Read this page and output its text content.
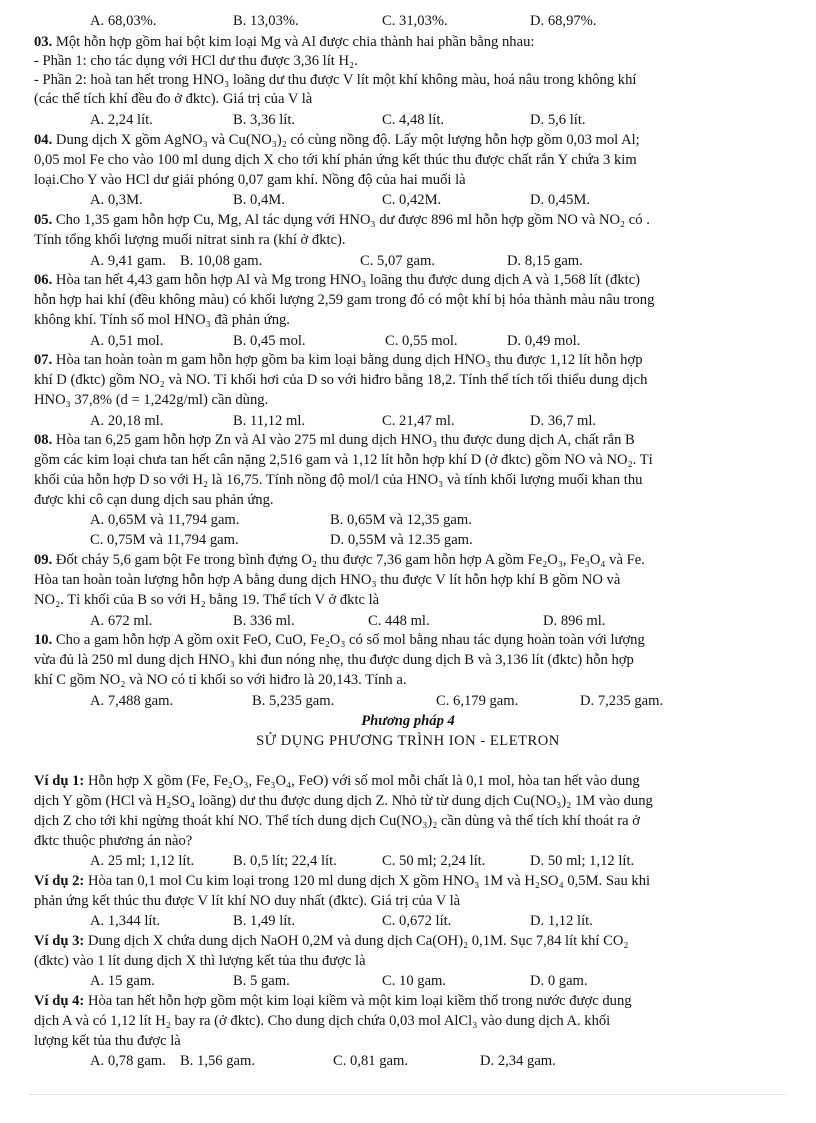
A. 68,03%.	B. 13,03%.	C. 31,03%.	D. 68,97%.
03. Một hỗn hợp gồm hai bột kim loại Mg và Al được chia thành hai phần bằng nhau:
- Phần 1: cho tác dụng với HCl dư thu được 3,36 lít H₂.
- Phần 2: hoà tan hết trong HNO₃ loãng dư thu được V lít một khí không màu, hoá nâu trong không khí
(các thể tích khí đều đo ở đktc). Giá trị của V là
A. 2,24 lít.	B. 3,36 lít.	C. 4,48 lít.	D. 5,6 lít.
04. Dung dịch X gồm AgNO₃ và Cu(NO₃)₂ có cùng nồng độ. Lấy một lượng hỗn hợp gồm 0,03 mol Al;
0,05 mol Fe cho vào 100 ml dung dịch X cho tới khí phản ứng kết thúc thu được chất rắn Y chứa 3 kim
loại.Cho Y vào HCl dư giải phóng 0,07 gam khí. Nồng độ của hai muối là
A. 0,3M.	B. 0,4M.	C. 0,42M.	D. 0,45M.
05. Cho 1,35 gam hỗn hợp Cu, Mg, Al tác dụng với HNO₃ dư được 896 ml hỗn hợp gồm NO và NO₂ có .
Tính tổng khối lượng muối nitrat sinh ra (khí ở đktc).
A. 9,41 gam. B. 10,08 gam.	C. 5,07 gam.	D. 8,15 gam.
06. Hòa tan hết 4,43 gam hỗn hợp Al và Mg trong HNO₃ loãng thu được dung dịch A và 1,568 lít (đktc)
hỗn hợp hai khí (đều không màu) có khối lượng 2,59 gam trong đó có một khí bị hóa thành màu nâu trong
không khí. Tính số mol HNO₃ đã phản ứng.
A. 0,51 mol.	B. 0,45 mol.	C. 0,55 mol.	D. 0,49 mol.
07. Hòa tan hoàn toàn m gam hỗn hợp gồm ba kim loại bằng dung dịch HNO₃ thu được 1,12 lít hỗn hợp
khí D (đktc) gồm NO₂ và NO. Tỉ khối hơi của D so với hiđro bằng 18,2. Tính thể tích tối thiểu dung dịch
HNO₃ 37,8% (d = 1,242g/ml) cần dùng.
A. 20,18 ml.	B. 11,12 ml.	C. 21,47 ml.	D. 36,7 ml.
08. Hòa tan 6,25 gam hỗn hợp Zn và Al vào 275 ml dung dịch HNO₃ thu được dung dịch A, chất rắn B
gồm các kim loại chưa tan hết cân nặng 2,516 gam và 1,12 lít hỗn hợp khí D (ở đktc) gồm NO và NO₂. Tỉ
khối của hỗn hợp D so với H₂ là 16,75. Tính nồng độ mol/l của HNO₃ và tính khối lượng muối khan thu
được khi cô cạn dung dịch sau phản ứng.
A. 0,65M và 11,794 gam.	B. 0,65M và 12,35 gam.
C. 0,75M và 11,794 gam.	D. 0,55M và 12.35 gam.
09. Đốt cháy 5,6 gam bột Fe trong bình đựng O₂ thu được 7,36 gam hỗn hợp A gồm Fe₂O₃, Fe₃O₄ và Fe.
Hòa tan hoàn toàn lượng hỗn hợp A bằng dung dịch HNO₃ thu được V lít hỗn hợp khí B gồm NO và
NO₂. Tỉ khối của B so với H₂ bằng 19. Thể tích V ở đktc là
A. 672 ml.	B. 336 ml.	C. 448 ml.	D. 896 ml.
10. Cho a gam hỗn hợp A gồm oxit FeO, CuO, Fe₂O₃ có số mol bằng nhau tác dụng hoàn toàn với lượng
vừa đủ là 250 ml dung dịch HNO₃ khi đun nóng nhẹ, thu được dung dịch B và 3,136 lít (đktc) hỗn hợp
khí C gồm NO₂ và NO có tỉ khối so với hiđro là 20,143. Tính a.
A. 7,488 gam.	B. 5,235 gam.	C. 6,179 gam.	D. 7,235 gam.
Phương pháp 4
SỬ DỤNG PHƯƠNG TRÌNH ION - ELETRON
Ví dụ 1: Hỗn hợp X gồm (Fe, Fe₂O₃, Fe₃O₄, FeO) với số mol mỗi chất là 0,1 mol, hòa tan hết vào dung
dịch Y gồm (HCl và H₂SO₄ loãng) dư thu được dung dịch Z. Nhỏ từ từ dung dịch Cu(NO₃)₂ 1M vào dung
dịch Z cho tới khi ngừng thoát khí NO. Thể tích dung dịch Cu(NO₃)₂ cần dùng và thể tích khí thoát ra ở
đktc thuộc phương án nào?
A. 25 ml; 1,12 lít.	B. 0,5 lít; 22,4 lít.	C. 50 ml; 2,24 lít.	D. 50 ml; 1,12 lít.
Ví dụ 2: Hòa tan 0,1 mol Cu kim loại trong 120 ml dung dịch X gồm HNO₃ 1M và H₂SO₄ 0,5M. Sau khi
phản ứng kết thúc thu được V lít khí NO duy nhất (đktc). Giá trị của V là
A. 1,344 lít.	B. 1,49 lít.	C. 0,672 lít.	D. 1,12 lít.
Ví dụ 3: Dung dịch X chứa dung dịch NaOH 0,2M và dung dịch Ca(OH)₂ 0,1M. Sục 7,84 lít khí CO₂
(đktc) vào 1 lít dung dịch X thì lượng kết tủa thu được là
A. 15 gam.	B. 5 gam.	C. 10 gam.	D. 0 gam.
Ví dụ 4: Hòa tan hết hỗn hợp gồm một kim loại kiềm và một kim loại kiềm thổ trong nước được dung
dịch A và có 1,12 lít H₂ bay ra (ở đktc). Cho dung dịch chứa 0,03 mol AlCl₃ vào dung dịch A. khối
lượng kết tủa thu được là
A. 0,78 gam. B. 1,56 gam.	C. 0,81 gam.	D. 2,34 gam.
